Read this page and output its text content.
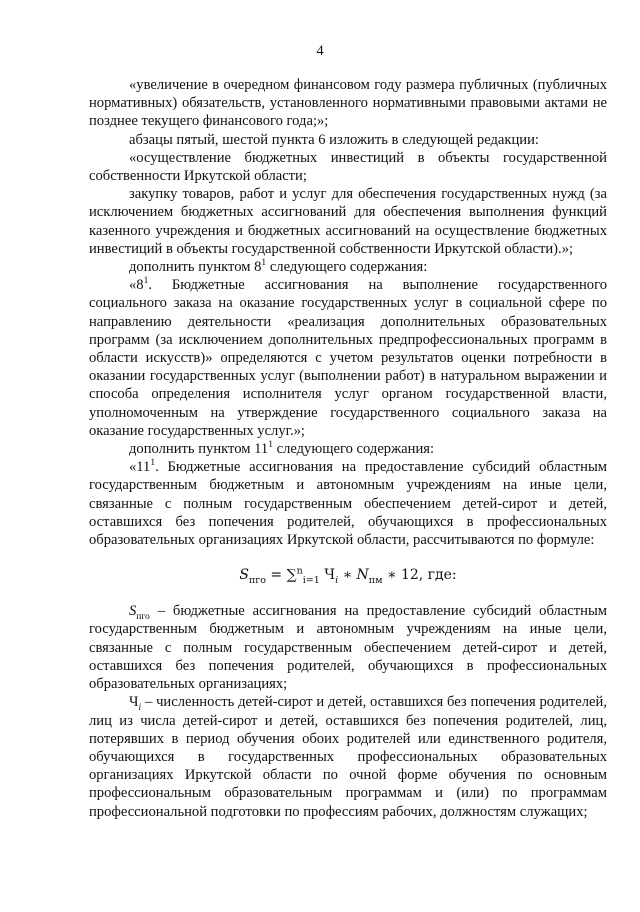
4

«увеличение в очередном финансовом году размера публичных (публичных нормативных) обязательств, установленного нормативными правовыми актами не позднее текущего финансового года;»;

абзацы пятый, шестой пункта 6 изложить в следующей редакции:

«осуществление бюджетных инвестиций в объекты государственной собственности Иркутской области;

закупку товаров, работ и услуг для обеспечения государственных нужд (за исключением бюджетных ассигнований для обеспечения выполнения функций казенного учреждения и бюджетных ассигнований на осуществление бюджетных инвестиций в объекты государственной собственности Иркутской области).»;

дополнить пунктом $8^1$ следующего содержания:

«$8^1$. Бюджетные ассигнования на выполнение государственного социального заказа на оказание государственных услуг в социальной сфере по направлению деятельности «реализация дополнительных образовательных программ (за исключением дополнительных предпрофессиональных программ в области искусств)» определяются с учетом результатов оценки потребности в оказании государственных услуг (выполнении работ) в натуральном выражении и способа определения исполнителя услуг органом государственной власти, уполномоченным на утверждение государственного социального заказа на оказание государственных услуг.»;

дополнить пунктом $11^1$ следующего содержания:

«$11^1$. Бюджетные ассигнования на предоставление субсидий областным государственным бюджетным и автономным учреждениям на иные цели, связанные с полным государственным обеспечением детей-сирот и детей, оставшихся без попечения родителей, обучающихся в профессиональных образовательных организациях Иркутской области, рассчитываются по формуле:

$S_{пго} = \sum^n_{i=1}$ $Ч_i$ ∗ $N_{пм}$ ∗ 12, где:

$S_{пго}$ – бюджетные ассигнования на предоставление субсидий областным государственным бюджетным и автономным учреждениям на иные цели, связанные с полным государственным обеспечением детей-сирот и детей, оставшихся без попечения родителей, обучающихся в профессиональных образовательных организациях;

$Ч_i$ – численность детей-сирот и детей, оставшихся без попечения родителей, лиц из числа детей-сирот и детей, оставшихся без попечения родителей, лиц, потерявших в период обучения обоих родителей или единственного родителя, обучающихся в государственных профессиональных образовательных организациях Иркутской области по очной форме обучения по основным профессиональным образовательным программам и (или) по программам профессиональной подготовки по профессиям рабочих, должностям служащих;
